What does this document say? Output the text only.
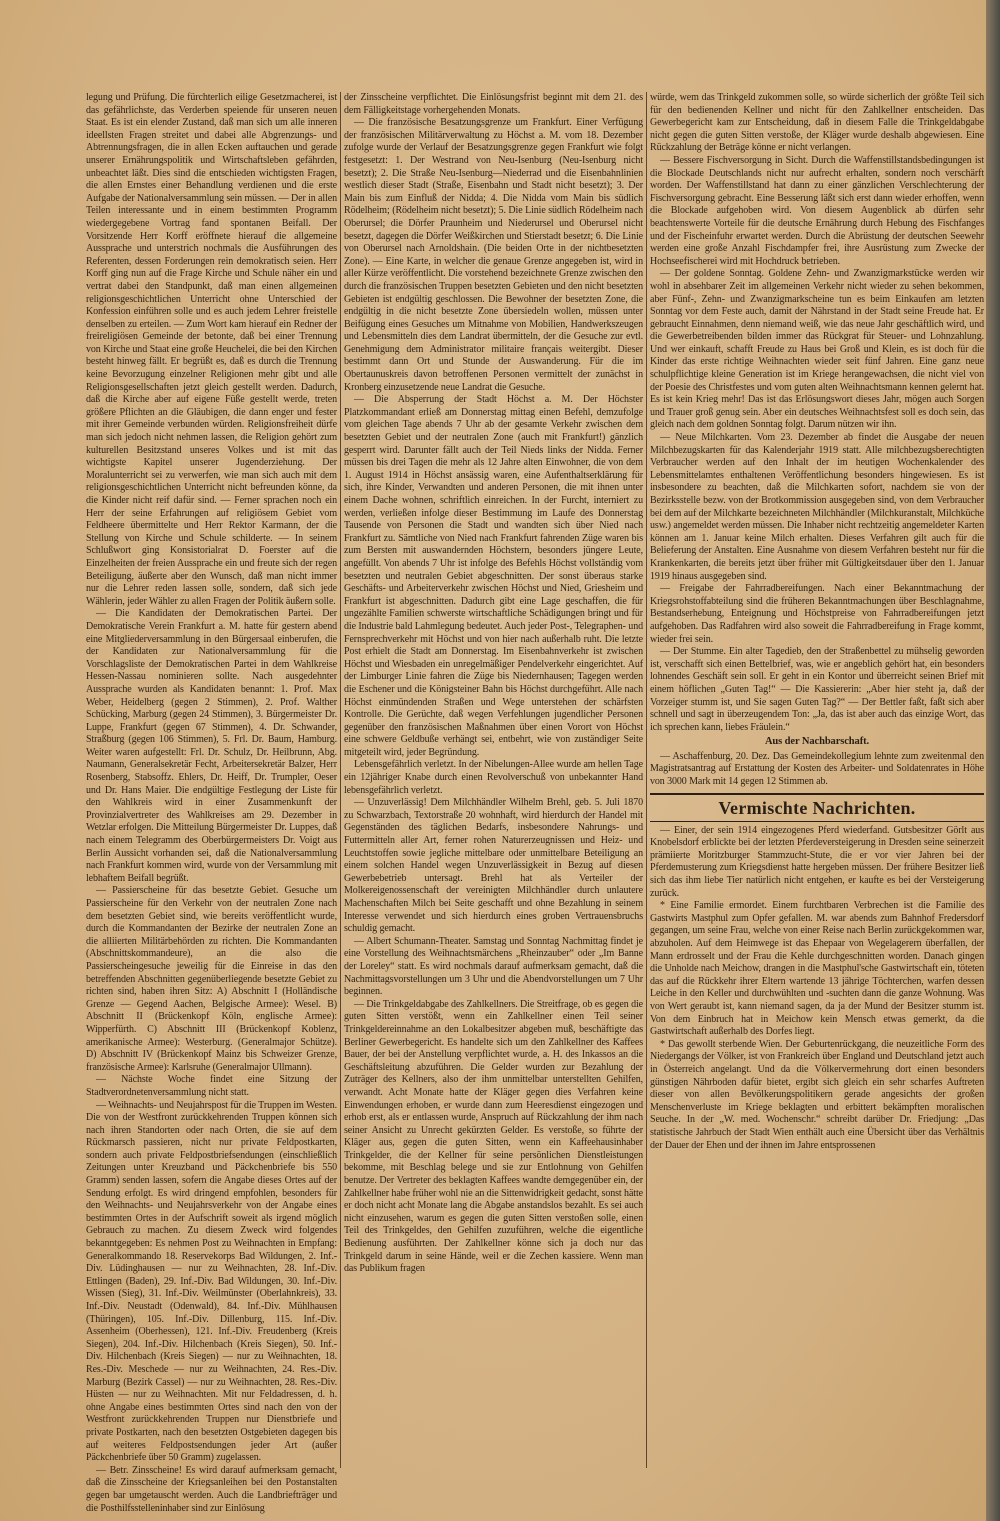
legung und Prüfung. Die fürchterlich eilige Gesetzmacherei, ist das gefährlichste, das Verderben speiende für unseren neuen Staat. Es ist ein elender Zustand, daß man sich um alle inneren ideellsten Fragen streitet und dabei alle Abgrenzungs- und Abtrennungsfragen, die in allen Ecken auftauchen und gerade unserer Ernährungspolitik und Wirtschaftsleben gefährden, unbeachtet läßt. Dies sind die entschieden wichtigsten Fragen, die allen Ernstes einer Behandlung verdienen und die erste Aufgabe der Nationalversammlung sein müssen. — Der in allen Teilen interessante und in einem bestimmten Programm wiedergegebene Vortrag fand spontanen Beifall. Der Vorsitzende Herr Korff eröffnete hierauf die allgemeine Aussprache und unterstrich nochmals die Ausführungen des Referenten, dessen Forderungen rein demokratisch seien. Herr Korff ging nun auf die Frage Kirche und Schule näher ein und vertrat dabei den Standpunkt, daß man einen allgemeinen religionsgeschichtlichen Unterricht ohne Unterschied der Konfession einführen solle und es auch jedem Lehrer freistelle denselben zu erteilen. — Zum Wort kam hierauf ein Redner der freireligiösen Gemeinde der betonte, daß bei einer Trennung von Kirche und Staat eine große Heuchelei, die bei den Kirchen besteht hinweg fällt. Er begrüßt es, daß es durch die Trennung keine Bevorzugung einzelner Religionen mehr gibt und alle Religionsgesellschaften jetzt gleich gestellt werden. Dadurch, daß die Kirche aber auf eigene Füße gestellt werde, treten größere Pflichten an die Gläubigen, die dann enger und fester mit ihrer Gemeinde verbunden würden. Religionsfreiheit dürfe man sich jedoch nicht nehmen lassen, die Religion gehört zum kulturellen Besitzstand unseres Volkes und ist mit das wichtigste Kapitel unserer Jugenderziehung. Der Moralunterricht sei zu verwerfen, wie man sich auch mit dem religionsgeschichtlichen Unterricht nicht befreunden könne, da die Kinder nicht reif dafür sind. — Ferner sprachen noch ein Herr der seine Erfahrungen auf religiösem Gebiet vom Feldheere übermittelte und Herr Rektor Karmann, der die Stellung von Kirche und Schule schilderte. — In seinem Schlußwort ging Konsistorialrat D. Foerster auf die Einzelheiten der freien Aussprache ein und freute sich der regen Beteiligung, äußerte aber den Wunsch, daß man nicht immer nur die Lehrer reden lassen solle, sondern, daß sich jede Wählerin, jeder Wähler zu allen Fragen der Politik äußern solle.

— Die Kandidaten der Demokratischen Partei. Der Demokratische Verein Frankfurt a. M. hatte für gestern abend eine Mitgliederversammlung in den Bürgersaal einberufen, die der Kandidaten zur Nationalversammlung für die Vorschlagsliste der Demokratischen Partei in dem Wahlkreise Hessen-Nassau nominieren sollte. Nach ausgedehnter Aussprache wurden als Kandidaten benannt: 1. Prof. Max Weber, Heidelberg (gegen 2 Stimmen), 2. Prof. Walther Schücking, Marburg (gegen 24 Stimmen), 3. Bürgermeister Dr. Luppe, Frankfurt (gegen 67 Stimmen), 4. Dr. Schwander, Straßburg (gegen 106 Stimmen), 5. Frl. Dr. Baum, Hamburg. Weiter waren aufgestellt: Frl. Dr. Schulz, Dr. Heilbrunn, Abg. Naumann, Generalsekretär Fecht, Arbeitersekretär Balzer, Herr Rosenberg, Stabsoffz. Ehlers, Dr. Heiff, Dr. Trumpler, Oeser und Dr. Hans Maier. Die endgültige Festlegung der Liste für den Wahlkreis wird in einer Zusammenkunft der Provinzialvertreter des Wahlkreises am 29. Dezember in Wetzlar erfolgen. Die Mitteilung Bürgermeister Dr. Luppes, daß nach einem Telegramm des Oberbürgermeisters Dr. Voigt aus Berlin Aussicht vorhanden sei, daß die Nationalversammlung nach Frankfurt kommen wird, wurde von der Versammlung mit lebhaftem Beifall begrüßt.

— Passierscheine für das besetzte Gebiet. Gesuche um Passierscheine für den Verkehr von der neutralen Zone nach dem besetzten Gebiet sind, wie bereits veröffentlicht wurde, durch die Kommandanten der Bezirke der neutralen Zone an die alliierten Militärbehörden zu richten. Die Kommandanten (Abschnittskommandeure), an die also die Passierscheingesuche jeweilig für die Einreise in das den betreffenden Abschnitten gegenüberliegende besetzte Gebiet zu richten sind, haben ihren Sitz: A) Abschnitt I (Holländische Grenze — Gegend Aachen, Belgische Armee): Wesel. B) Abschnitt II (Brückenkopf Köln, englische Armee): Wipperfürth. C) Abschnitt III (Brückenkopf Koblenz, amerikanische Armee): Westerburg. (Generalmajor Schütze). D) Abschnitt IV (Brückenkopf Mainz bis Schweizer Grenze, französische Armee): Karlsruhe (Generalmajor Ullmann).

— Nächste Woche findet eine Sitzung der Stadtverordnetenversammlung nicht statt.

— Weihnachts- und Neujahrspost für die Truppen im Westen. Die von der Westfront zurückkehrenden Truppen können sich nach ihren Standorten oder nach Orten, die sie auf dem Rückmarsch passieren, nicht nur private Feldpostkarten, sondern auch private Feldpostbriefsendungen (einschließlich Zeitungen unter Kreuzband und Päckchenbriefe bis 550 Gramm) senden lassen, sofern die Angabe dieses Ortes auf der Sendung erfolgt. Es wird dringend empfohlen, besonders für den Weihnachts- und Neujahrsverkehr von der Angabe eines bestimmten Ortes in der Aufschrift soweit als irgend möglich Gebrauch zu machen. Zu diesem Zweck wird folgendes bekanntgegeben: Es nehmen Post zu Weihnachten in Empfang: Generalkommando 18. Reservekorps Bad Wildungen, 2. Inf.-Div. Lüdinghausen — nur zu Weihnachten, 28. Inf.-Div. Ettlingen (Baden), 29. Inf.-Div. Bad Wildungen, 30. Inf.-Div. Wissen (Sieg), 31. Inf.-Div. Weilmünster (Oberlahnkreis), 33. Inf.-Div. Neustadt (Odenwald), 84. Inf.-Div. Mühlhausen (Thüringen), 105. Inf.-Div. Dillenburg, 115. Inf.-Div. Assenheim (Oberhessen), 121. Inf.-Div. Freudenberg (Kreis Siegen), 204. Inf.-Div. Hilchenbach (Kreis Siegen), 50. Inf.-Div. Hilchenbach (Kreis Siegen) — nur zu Weihnachten, 18. Res.-Div. Meschede — nur zu Weihnachten, 24. Res.-Div. Marburg (Bezirk Cassel) — nur zu Weihnachten, 28. Res.-Div. Hüsten — nur zu Weihnachten. Mit nur Feldadressen, d. h. ohne Angabe eines bestimmten Ortes sind nach den von der Westfront zurückkehrenden Truppen nur Dienstbriefe und private Postkarten, nach den besetzten Ostgebieten dagegen bis auf weiteres Feldpostsendungen jeder Art (außer Päckchenbriefe über 50 Gramm) zugelassen.

— Betr. Zinsscheine! Es wird darauf aufmerksam gemacht, daß die Zinsscheine der Kriegsanleihen bei den Postanstalten gegen bar umgetauscht werden. Auch die Landbriefträger und die Posthilfsstelleninhaber sind zur Einlösung

der Zinsscheine verpflichtet. Die Einlösungsfrist beginnt mit dem 21. des dem Fälligkeitstage vorhergehenden Monats.

— Die französische Besatzungsgrenze um Frankfurt. Einer Verfügung der französischen Militärverwaltung zu Höchst a. M. vom 18. Dezember zufolge wurde der Verlauf der Besatzungsgrenze gegen Frankfurt wie folgt festgesetzt: 1. Der Westrand von Neu-Isenburg (Neu-Isenburg nicht besetzt); 2. Die Straße Neu-Isenburg—Niederrad und die Eisenbahnlinien westlich dieser Stadt (Straße, Eisenbahn und Stadt nicht besetzt); 3. Der Main bis zum Einfluß der Nidda; 4. Die Nidda vom Main bis südlich Rödelheim; (Rödelheim nicht besetzt); 5. Die Linie südlich Rödelheim nach Oberursel; die Dörfer Praunheim und Niederursel und Oberursel nicht besetzt, dagegen die Dörfer Weißkirchen und Stierstadt besetzt; 6. Die Linie von Oberursel nach Arnoldshain. (Die beiden Orte in der nichtbesetzten Zone). — Eine Karte, in welcher die genaue Grenze angegeben ist, wird in aller Kürze veröffentlicht. Die vorstehend bezeichnete Grenze zwischen den durch die französischen Truppen besetzten Gebieten und den nicht besetzten Gebieten ist endgültig geschlossen. Die Bewohner der besetzten Zone, die endgültig in die nicht besetzte Zone übersiedeln wollen, müssen unter Beifügung eines Gesuches um Mitnahme von Mobilien, Handwerkszeugen und Lebensmitteln dies dem Landrat übermitteln, der die Gesuche zur evtl. Genehmigung dem Administrator militaire français weitergibt. Dieser bestimmt dann Ort und Stunde der Auswanderung. Für die im Obertaunuskreis davon betroffenen Personen vermittelt der zunächst in Kronberg einzusetzende neue Landrat die Gesuche.

— Die Absperrung der Stadt Höchst a. M. Der Höchster Platzkommandant erließ am Donnerstag mittag einen Befehl, demzufolge vom gleichen Tage abends 7 Uhr ab der gesamte Verkehr zwischen dem besetzten Gebiet und der neutralen Zone (auch mit Frankfurt!) gänzlich gesperrt wird. Darunter fällt auch der Teil Nieds links der Nidda. Ferner müssen bis drei Tagen die mehr als 12 Jahre alten Einwohner, die von dem 1. August 1914 in Höchst ansässig waren, eine Aufenthaltserklärung für sich, ihre Kinder, Verwandten und anderen Personen, die mit ihnen unter einem Dache wohnen, schriftlich einreichen. In der Furcht, interniert zu werden, verließen infolge dieser Bestimmung im Laufe des Donnerstag Tausende von Personen die Stadt und wandten sich über Nied nach Frankfurt zu. Sämtliche von Nied nach Frankfurt fahrenden Züge waren bis zum Bersten mit auswandernden Höchstern, besonders jüngere Leute, angefüllt. Von abends 7 Uhr ist infolge des Befehls Höchst vollständig vom besetzten und neutralen Gebiet abgeschnitten. Der sonst überaus starke Geschäfts- und Arbeiterverkehr zwischen Höchst und Nied, Griesheim und Frankfurt ist abgeschnitten. Dadurch gibt eine Lage geschaffen, die für ungezählte Familien schwerste wirtschaftliche Schädigungen bringt und für die Industrie bald Lahmlegung bedeutet. Auch jeder Post-, Telegraphen- und Fernsprechverkehr mit Höchst und von hier nach außerhalb ruht. Die letzte Post erhielt die Stadt am Donnerstag. Im Eisenbahnverkehr ist zwischen Höchst und Wiesbaden ein unregelmäßiger Pendelverkehr eingerichtet. Auf der Limburger Linie fahren die Züge bis Niedernhausen; Tagegen werden die Eschener und die Königsteiner Bahn bis Höchst durchgeführt. Alle nach Höchst einmündenden Straßen und Wege unterstehen der schärfsten Kontrolle. Die Gerüchte, daß wegen Verfehlungen jugendlicher Personen gegenüber den französischen Maßnahmen über einen Vorort von Höchst eine schwere Geldbuße verhängt sei, entbehrt, wie von zuständiger Seite mitgeteilt wird, jeder Begründung.

Lebensgefährlich verletzt. In der Nibelungen-Allee wurde am hellen Tage ein 12jähriger Knabe durch einen Revolverschuß von unbekannter Hand lebensgefährlich verletzt.

— Unzuverlässig! Dem Milchhändler Wilhelm Brehl, geb. 5. Juli 1870 zu Schwarzbach, Textorstraße 20 wohnhaft, wird hierdurch der Handel mit Gegenständen des täglichen Bedarfs, insbesondere Nahrungs- und Futtermitteln aller Art, ferner rohen Naturerzeugnissen und Heiz- und Leuchtstoffen sowie jegliche mittelbare oder unmittelbare Beteiligung an einem solchen Handel wegen Unzuverlässigkeit in Bezug auf diesen Gewerbebetrieb untersagt. Brehl hat als Verteiler der Molkereigenossenschaft der vereinigten Milchhändler durch unlautere Machenschaften Milch bei Seite geschafft und ohne Bezahlung in seinem Interesse verwendet und sich hierdurch eines groben Vertrauensbruchs schuldig gemacht.

— Albert Schumann-Theater. Samstag und Sonntag Nachmittag findet je eine Vorstellung des Weihnachtsmärchens „Rheinzauber“ oder „Im Banne der Loreley“ statt. Es wird nochmals darauf aufmerksam gemacht, daß die Nachmittagsvorstellungen um 3 Uhr und die Abendvorstellungen um 7 Uhr beginnen.

— Die Trinkgeldabgabe des Zahlkellners. Die Streitfrage, ob es gegen die guten Sitten verstößt, wenn ein Zahlkellner einen Teil seiner Trinkgeldereinnahme an den Lokalbesitzer abgeben muß, beschäftigte das Berliner Gewerbegericht. Es handelte sich um den Zahlkellner des Kaffees Bauer, der bei der Anstellung verpflichtet wurde, a. H. des Inkassos an die Geschäftsleitung abzuführen. Die Gelder wurden zur Bezahlung der Zuträger des Kellners, also der ihm unmittelbar unterstellten Gehilfen, verwandt. Acht Monate hatte der Kläger gegen dies Verfahren keine Einwendungen erhoben, er wurde dann zum Heeresdienst eingezogen und erhob erst, als er entlassen wurde, Anspruch auf Rückzahlung der ihm nach seiner Ansicht zu Unrecht gekürzten Gelder. Es verstoße, so führte der Kläger aus, gegen die guten Sitten, wenn ein Kaffeehausinhaber Trinkgelder, die der Kellner für seine persönlichen Dienstleistungen bekomme, mit Beschlag belege und sie zur Entlohnung von Gehilfen benutze. Der Vertreter des beklagten Kaffees wandte demgegenüber ein, der Zahlkellner habe früher wohl nie an die Sittenwidrigkeit gedacht, sonst hätte er doch nicht acht Monate lang die Abgabe anstandslos bezahlt. Es sei auch nicht einzusehen, warum es gegen die guten Sitten verstoßen solle, einen Teil des Trinkgeldes, den Gehilfen zuzuführen, welche die eigentliche Bedienung ausführten. Der Zahlkellner könne sich ja doch nur das Trinkgeld darum in seine Hände, weil er die Zechen kassiere. Wenn man das Publikum fragen

würde, wem das Trinkgeld zukommen solle, so würde sicherlich der größte Teil sich für den bedienenden Kellner und nicht für den Zahlkellner entscheiden. Das Gewerbegericht kam zur Entscheidung, daß in diesem Falle die Trinkgeldabgabe nicht gegen die guten Sitten verstoße, der Kläger wurde deshalb abgewiesen. Eine Rückzahlung der Beträge könne er nicht verlangen.

— Bessere Fischversorgung in Sicht. Durch die Waffenstillstandsbedingungen ist die Blockade Deutschlands nicht nur aufrecht erhalten, sondern noch verschärft worden. Der Waffenstillstand hat dann zu einer gänzlichen Verschlechterung der Fischversorgung gebracht. Eine Besserung läßt sich erst dann wieder erhoffen, wenn die Blockade aufgehoben wird. Von diesem Augenblick ab dürfen sehr beachtenswerte Vorteile für die deutsche Ernährung durch Hebung des Fischfanges und der Fischeinfuhr erwartet werden. Durch die Abrüstung der deutschen Seewehr werden eine große Anzahl Fischdampfer frei, ihre Ausrüstung zum Zwecke der Hochseefischerei wird mit Hochdruck betrieben.

— Der goldene Sonntag. Goldene Zehn- und Zwanzigmarkstücke werden wir wohl in absehbarer Zeit im allgemeinen Verkehr nicht wieder zu sehen bekommen, aber Fünf-, Zehn- und Zwanzigmarkscheine tun es beim Einkaufen am letzten Sonntag vor dem Feste auch, damit der Nährstand in der Stadt seine Freude hat. Er gebraucht Einnahmen, denn niemand weiß, wie das neue Jahr geschäftlich wird, und die Gewerbetreibenden bilden immer das Rückgrat für Steuer- und Lohnzahlung. Und wer einkauft, schafft Freude zu Haus bei Groß und Klein, es ist doch für die Kinder das erste richtige Weihnachten wieder seit fünf Jahren. Eine ganz neue schulpflichtige kleine Generation ist im Kriege herangewachsen, die nicht viel von der Poesie des Christfestes und vom guten alten Weihnachtsmann kennen gelernt hat. Es ist kein Krieg mehr! Das ist das Erlösungswort dieses Jahr, mögen auch Sorgen und Trauer groß genug sein. Aber ein deutsches Weihnachtsfest soll es doch sein, das gleich nach dem goldnen Sonntag folgt. Darum nützen wir ihn.

— Neue Milchkarten. Vom 23. Dezember ab findet die Ausgabe der neuen Milchbezugskarten für das Kalenderjahr 1919 statt. Alle milchbezugsberechtigten Verbraucher werden auf den Inhalt der im heutigen Wochenkalender des Lebensmittelamtes enthaltenen Veröffentlichung besonders hingewiesen. Es ist insbesondere zu beachten, daß die Milchkarten sofort, nachdem sie von der Bezirksstelle bezw. von der Brotkommission ausgegeben sind, von dem Verbraucher bei dem auf der Milchkarte bezeichneten Milchhändler (Milchkuranstalt, Milchküche usw.) angemeldet werden müssen. Die Inhaber nicht rechtzeitig angemeldeter Karten können am 1. Januar keine Milch erhalten. Dieses Verfahren gilt auch für die Belieferung der Anstalten. Eine Ausnahme von diesem Verfahren besteht nur für die Krankenkarten, die bereits jetzt über früher mit Gültigkeitsdauer über den 1. Januar 1919 hinaus ausgegeben sind.

— Freigabe der Fahrradbereifungen. Nach einer Bekanntmachung der Kriegsrohstoffabteilung sind die früheren Bekanntmachungen über Beschlagnahme, Bestandserhebung, Enteignung und Höchstpreise von Fahrradbereifungen jetzt aufgehoben. Das Radfahren wird also soweit die Fahrradbereifung in Frage kommt, wieder frei sein.

— Der Stumme. Ein alter Tagedieb, den der Straßenbettel zu mühselig geworden ist, verschafft sich einen Bettelbrief, was, wie er angeblich gehört hat, ein besonders lohnendes Geschäft sein soll. Er geht in ein Kontor und überreicht seinen Brief mit einem höflichen „Guten Tag!“ — Die Kassiererin: „Aber hier steht ja, daß der Vorzeiger stumm ist, und Sie sagen Guten Tag?“ — Der Bettler faßt, faßt sich aber schnell und sagt in überzeugendem Ton: „Ja, das ist aber auch das einzige Wort, das ich sprechen kann, liebes Fräulein.“

Aus der Nachbarschaft.

— Aschaffenburg, 20. Dez. Das Gemeindekollegium lehnte zum zweitenmal den Magistratsantrag auf Erstattung der Kosten des Arbeiter- und Soldatenrates in Höhe von 3000 Mark mit 14 gegen 12 Stimmen ab.

Vermischte Nachrichten.

— Einer, der sein 1914 eingezogenes Pferd wiederfand. Gutsbesitzer Görlt aus Knobelsdorf erblickte bei der letzten Pferdeversteigerung in Dresden seine seinerzeit prämiierte Moritzburger Stammzucht-Stute, die er vor vier Jahren bei der Pferdemusterung zum Kriegsdienst hatte hergeben müssen. Der frühere Besitzer ließ sich das ihm liebe Tier natürlich nicht entgehen, er kaufte es bei der Versteigerung zurück.

* Eine Familie ermordet. Einem furchtbaren Verbrechen ist die Familie des Gastwirts Mastphul zum Opfer gefallen. M. war abends zum Bahnhof Fredersdorf gegangen, um seine Frau, welche von einer Reise nach Berlin zurückgekommen war, abzuholen. Auf dem Heimwege ist das Ehepaar von Wegelagerern überfallen, der Mann erdrosselt und der Frau die Kehle durchgeschnitten worden. Danach gingen die Unholde nach Meichow, drangen in die Mastphul'sche Gastwirtschaft ein, töteten das auf die Rückkehr ihrer Eltern wartende 13 jährige Töchterchen, warfen dessen Leiche in den Keller und durchwühlten und -suchten dann die ganze Wohnung. Was von Wert geraubt ist, kann niemand sagen, da ja der Mund der Besitzer stumm ist. Von dem Einbruch hat in Meichow kein Mensch etwas gemerkt, da die Gastwirtschaft außerhalb des Dorfes liegt.

* Das gewollt sterbende Wien. Der Geburtenrückgang, die neuzeitliche Form des Niedergangs der Völker, ist von Frankreich über England und Deutschland jetzt auch in Österreich angelangt. Und da die Völkervermehrung dort einen besonders günstigen Nährboden dafür bietet, ergibt sich gleich ein sehr scharfes Auftreten dieser von allen Bevölkerungspolitikern gerade angesichts der großen Menschenverluste im Kriege beklagten und erbittert bekämpften moralischen Seuche. In der „W. med. Wochenschr.“ schreibt darüber Dr. Friedjung: „Das statistische Jahrbuch der Stadt Wien enthält auch eine Übersicht über das Verhältnis der Dauer der Ehen und der ihnen im Jahre entsprossenen
